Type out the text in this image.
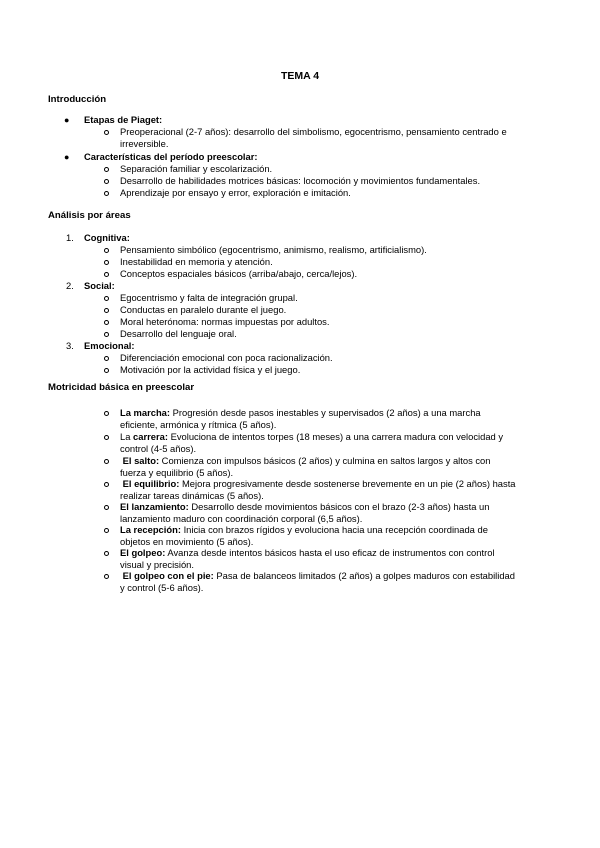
TEMA 4
Introducción
● Etapas de Piaget:
Preoperacional (2-7 años): desarrollo del simbolismo, egocentrismo, pensamiento centrado e
irreversible.
● Características del período preescolar:
Separación familiar y escolarización.
Desarrollo de habilidades motrices básicas: locomoción y movimientos fundamentales.
Aprendizaje por ensayo y error, exploración e imitación.
Análisis por áreas
1. Cognitiva:
Pensamiento simbólico (egocentrismo, animismo, realismo, artificialismo).
Inestabilidad en memoria y atención.
Conceptos espaciales básicos (arriba/abajo, cerca/lejos).
2. Social:
Egocentrismo y falta de integración grupal.
Conductas en paralelo durante el juego.
Moral heterónoma: normas impuestas por adultos.
Desarrollo del lenguaje oral.
3. Emocional:
Diferenciación emocional con poca racionalización.
Motivación por la actividad física y el juego.
Motricidad básica en preescolar
La marcha: Progresión desde pasos inestables y supervisados (2 años) a una marcha
eficiente, armónica y rítmica (5 años).
La carrera: Evoluciona de intentos torpes (18 meses) a una carrera madura con velocidad y
control (4-5 años).
El salto: Comienza con impulsos básicos (2 años) y culmina en saltos largos y altos con
fuerza y equilibrio (5 años).
El equilibrio: Mejora progresivamente desde sostenerse brevemente en un pie (2 años) hasta
realizar tareas dinámicas (5 años).
El lanzamiento: Desarrollo desde movimientos básicos con el brazo (2-3 años) hasta un
lanzamiento maduro con coordinación corporal (6,5 años).
La recepción: Inicia con brazos rígidos y evoluciona hacia una recepción coordinada de
objetos en movimiento (5 años).
El golpeo: Avanza desde intentos básicos hasta el uso eficaz de instrumentos con control
visual y precisión.
El golpeo con el pie: Pasa de balanceos limitados (2 años) a golpes maduros con estabilidad
y control (5-6 años).
